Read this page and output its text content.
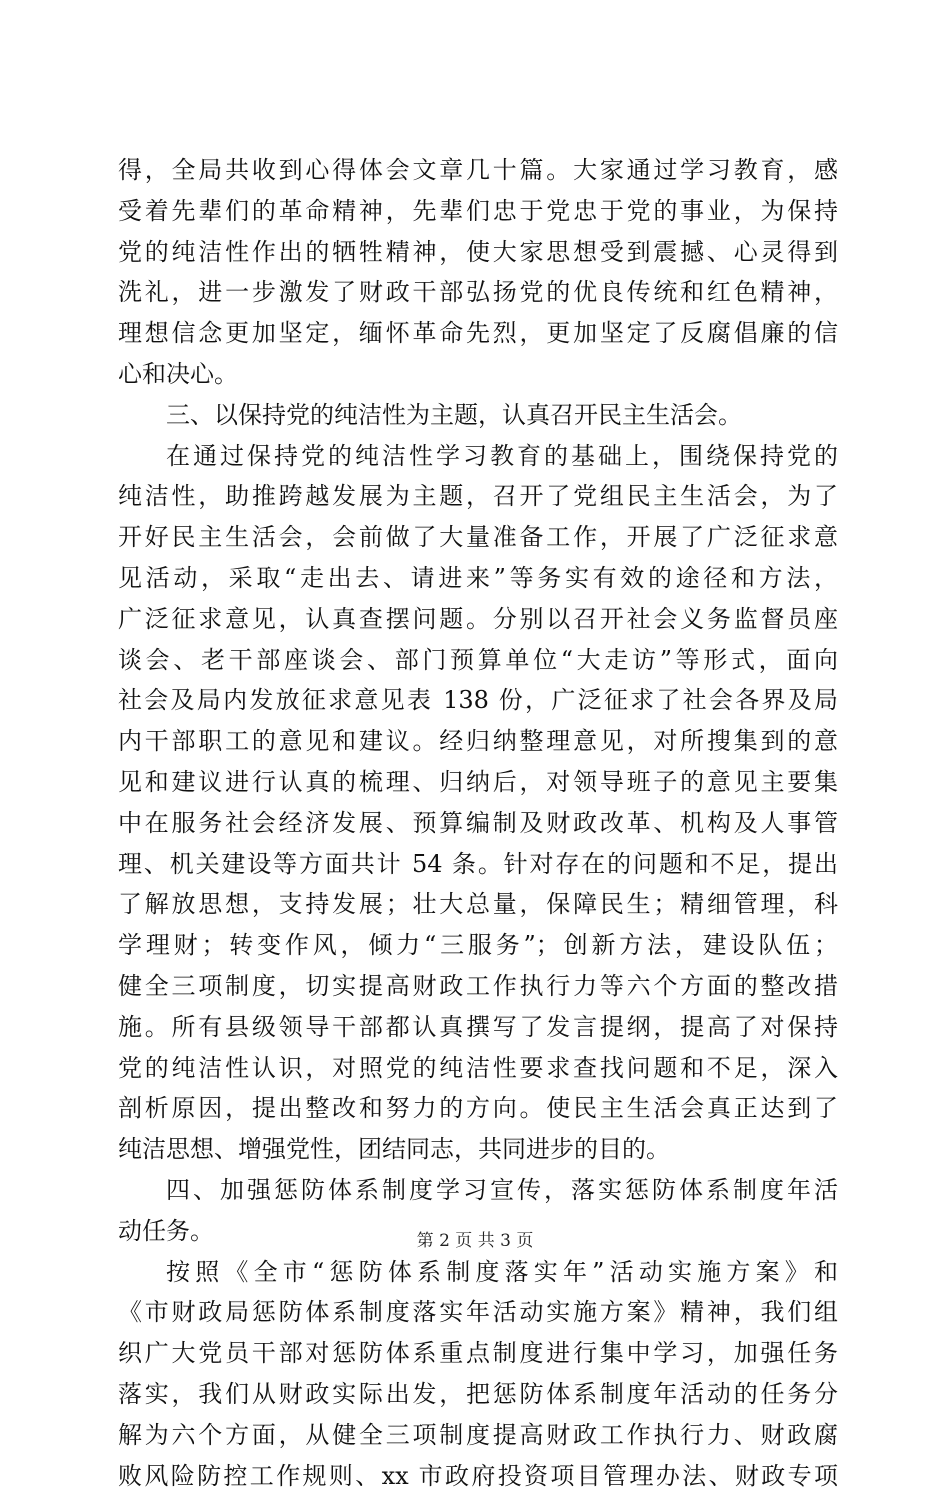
得，全局共收到心得体会文章几十篇。大家通过学习教育，感
受着先辈们的革命精神，先辈们忠于党忠于党的事业，为保持
党的纯洁性作出的牺牲精神，使大家思想受到震撼、心灵得到
洗礼，进一步激发了财政干部弘扬党的优良传统和红色精神，
理想信念更加坚定，缅怀革命先烈，更加坚定了反腐倡廉的信
心和决心。
三、以保持党的纯洁性为主题，认真召开民主生活会。
在通过保持党的纯洁性学习教育的基础上，围绕保持党的
纯洁性，助推跨越发展为主题，召开了党组民主生活会，为了
开好民主生活会，会前做了大量准备工作，开展了广泛征求意
见活动，采取“走出去、请进来”等务实有效的途径和方法，
广泛征求意见，认真查摆问题。分别以召开社会义务监督员座
谈会、老干部座谈会、部门预算单位“大走访”等形式，面向
社会及局内发放征求意见表 138 份，广泛征求了社会各界及局
内干部职工的意见和建议。经归纳整理意见，对所搜集到的意
见和建议进行认真的梳理、归纳后，对领导班子的意见主要集
中在服务社会经济发展、预算编制及财政改革、机构及人事管
理、机关建设等方面共计 54 条。针对存在的问题和不足，提出
了解放思想，支持发展；壮大总量，保障民生；精细管理，科
学理财；转变作风，倾力“三服务”；创新方法，建设队伍；
健全三项制度，切实提高财政工作执行力等六个方面的整改措
施。所有县级领导干部都认真撰写了发言提纲，提高了对保持
党的纯洁性认识，对照党的纯洁性要求查找问题和不足，深入
剖析原因，提出整改和努力的方向。使民主生活会真正达到了
纯洁思想、增强党性，团结同志，共同进步的目的。
四、加强惩防体系制度学习宣传，落实惩防体系制度年活
动任务。
按照《全市“惩防体系制度落实年”活动实施方案》和
《市财政局惩防体系制度落实年活动实施方案》精神，我们组
织广大党员干部对惩防体系重点制度进行集中学习，加强任务
落实，我们从财政实际出发，把惩防体系制度年活动的任务分
解为六个方面，从健全三项制度提高财政工作执行力、财政腐
败风险防控工作规则、xx 市政府投资项目管理办法、财政专项
第 2 页 共 3 页
